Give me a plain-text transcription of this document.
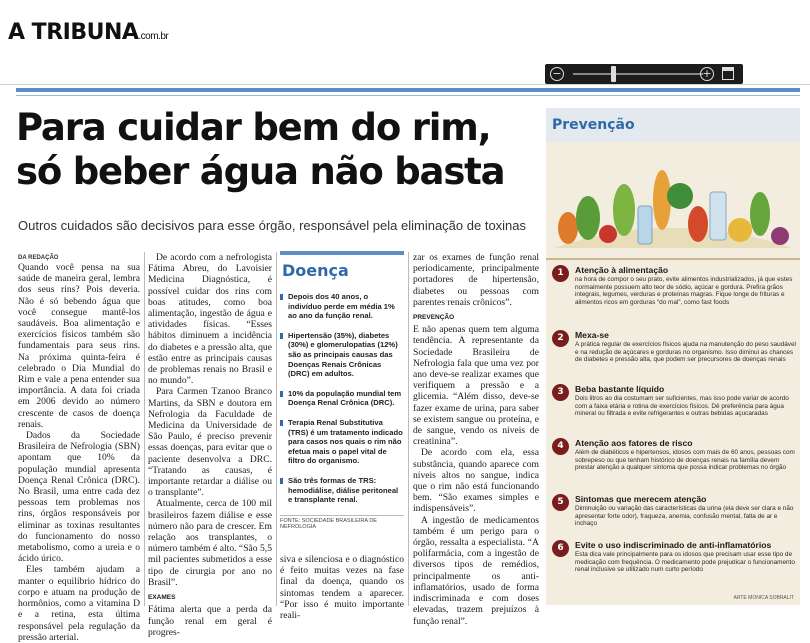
A TRIBUNA.com.br
−	+
Para cuidar bem do rim, só beber água não basta
Outros cuidados são decisivos para esse órgão, responsável pela eliminação de toxinas
DA REDAÇÃO

Quando você pensa na sua saúde de maneira geral, lembra dos seus rins? Pois deveria. Não é só bebendo água que você consegue mantê-los saudáveis. Boa alimentação e exercícios físicos também são fundamentais para seus rins. Na próxima quinta-feira é celebrado o Dia Mundial do Rim e vale a pena entender sua importância. A data foi criada em 2006 devido ao número crescente de casos de doença renais.

Dados da Sociedade Brasileira de Nefrologia (SBN) apontam que 10% da população mundial apresenta Doença Renal Crônica (DRC). No Brasil, uma entre cada dez pessoas tem problemas nos rins, órgãos responsáveis por eliminar as toxinas resultantes do funcionamento do nosso metabolismo, como a ureia e o ácido úrico.

Eles também ajudam a manter o equilíbrio hídrico do corpo e atuam na produção de hormônios, como a vitamina D e a retina, esta última responsável pela regulação da pressão arterial.

De acordo com a nefrologista Fátima Abreu, do Lavoisier Medicina Diagnóstica, é possível cuidar dos rins com boas atitudes, como boa alimentação, ingestão de água e atividades físicas. “Esses hábitos diminuem a incidência do diabetes e a pressão alta, que estão entre as principais causas de problemas renais no Brasil e no mundo”.

Para Carmen Tzanoo Branco Martins, da SBN e doutora em Nefrologia da Faculdade de Medicina da Universidade de São Paulo, é preciso prevenir essas doenças, para evitar que o paciente desenvolva a DRC. “Tratando as causas, é importante retardar a diálise ou o transplante”.

Atualmente, cerca de 100 mil brasileiros fazem diálise e esse número não para de crescer. Em relação aos transplantes, o número também é alto. “São 5,5 mil pacientes submetidos a esse tipo de cirurgia por ano no Brasil”.

EXAMES

Fátima alerta que a perda da função renal em geral é progres-

Doença
Depois dos 40 anos, o indivíduo perde em média 1% ao ano da função renal.
Hipertensão (35%), diabetes (30%) e glomerulopatias (12%) são as principais causas das Doenças Renais Crônicas (DRC) em adultos.
10% da população mundial tem Doença Renal Crônica (DRC).
Terapia Renal Substitutiva (TRS) é um tratamento indicado para casos nos quais o rim não efetua mais o papel vital de filtro do organismo.
São três formas de TRS: hemodiálise, diálise peritoneal e transplante renal.
FONTE: SOCIEDADE BRASILEIRA DE NEFROLOGIA

siva e silenciosa e o diagnóstico é feito muitas vezes na fase final da doença, quando os sintomas tendem a aparecer. “Por isso é muito importante reali-

zar os exames de função renal periodicamente, principalmente portadores de hipertensão, diabetes ou pessoas com parentes renais crônicos”.

PREVENÇÃO

E não apenas quem tem alguma tendência. A representante da Sociedade Brasileira de Nefrologia fala que uma vez por ano deve-se realizar exames que verifiquem a pressão e a glicemia. “Além disso, deve-se fazer exame de urina, para saber se existem sangue ou proteína, e de sangue, vendo os níveis de creatinina”.

De acordo com ela, essa substância, quando aparece com níveis altos no sangue, indica que o rim não está funcionando bem. “São exames simples e indispensáveis”.

A ingestão de medicamentos também é um perigo para o órgão, ressalta a especialista. “A polifarmácia, com a ingestão de diversos tipos de remédios, principalmente os anti-inflamatórios, usado de forma indiscriminada e com doses elevadas, trazem prejuízos à função renal”.

Prevenção
1	Atenção à alimentação
na hora de compor o seu prato, evite alimentos industrializados, já que estes normalmente possuem alto teor de sódio, açúcar e gordura. Prefira grãos integrais, legumes, verduras e proteínas magras. Fique longe de frituras e alimentos ricos em gorduras “do mal”, como fast foods
2	Mexa-se
A prática regular de exercícios físicos ajuda na manutenção do peso saudável e na redução de açúcares e gorduras no organismo. Isso diminui as chances de diabetes e pressão alta, que podem ser precursores de doenças renais
3	Beba bastante líquido
Dois litros ao dia costumam ser suficientes, mas isso pode variar de acordo com a faixa etária e rotina de exercícios físicos. Dê preferência para água mineral ou filtrada e evite refrigerantes e outras bebidas açucaradas
4	Atenção aos fatores de risco
Além de diabéticos e hipertensos, idosos com mais de 60 anos, pessoas com sobrepeso ou que tenham histórico de doenças renais na família devem prestar atenção a qualquer sintoma que possa indicar problemas no órgão
5	Sintomas que merecem atenção
Diminuição ou variação das características da urina (ela deve ser clara e não apresentar forte odor), fraqueza, anemia, confusão mental, falta de ar e inchaço
6	Evite o uso indiscriminado de anti-inflamatórios
Esta dica vale principalmente para os idosos que precisam usar esse tipo de medicação com frequência. O medicamento pode prejudicar o funcionamento renal inclusive se utilizado num curto período
ARTE MONICA SOBRALIT
